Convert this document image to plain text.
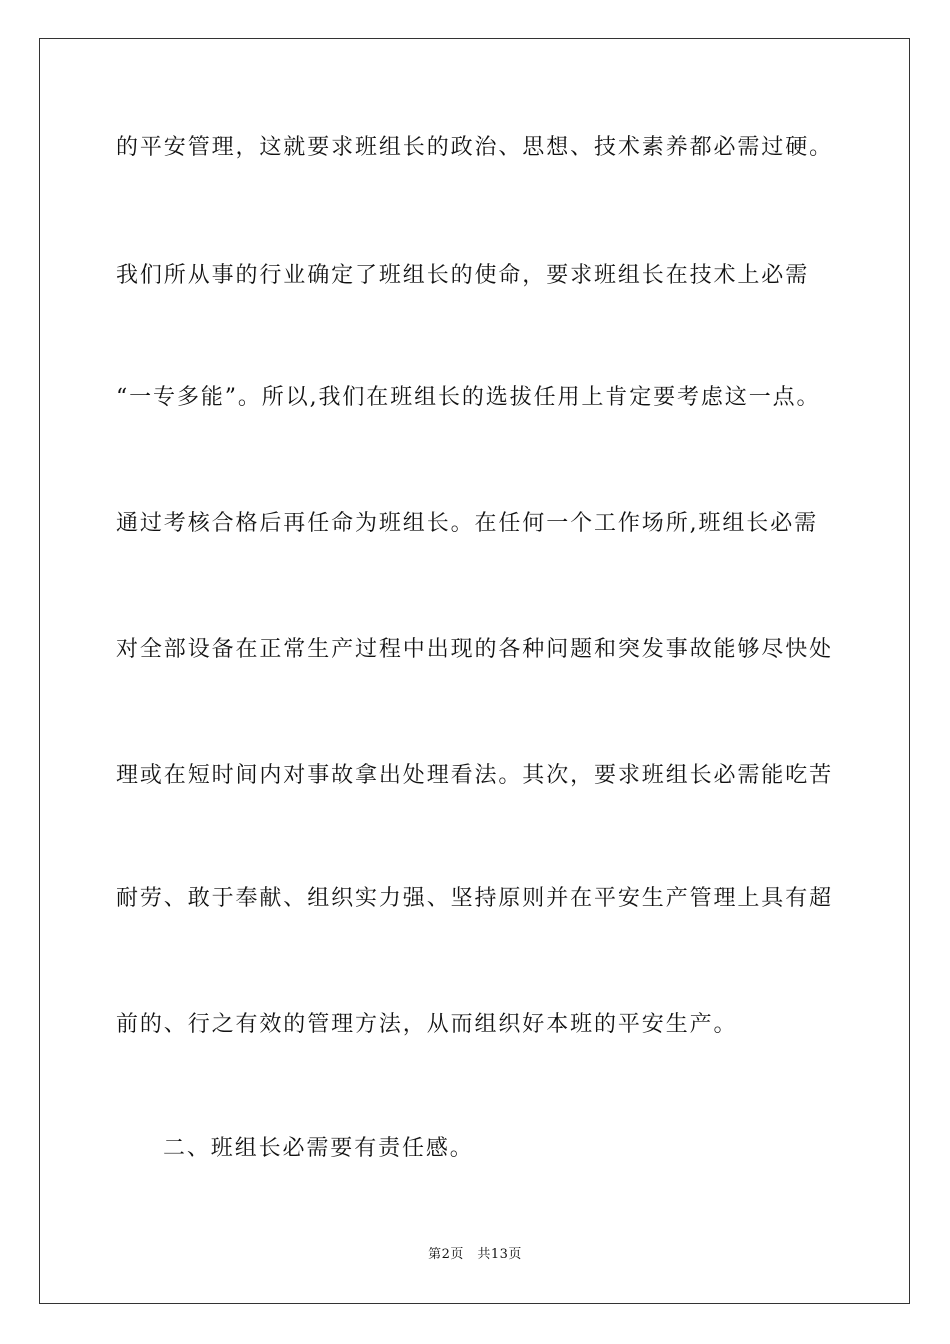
的平安管理，这就要求班组长的政治、思想、技术素养都必需过硬。
我们所从事的行业确定了班组长的使命，要求班组长在技术上必需
“一专多能”。所以,我们在班组长的选拔任用上肯定要考虑这一点。
通过考核合格后再任命为班组长。在任何一个工作场所,班组长必需
对全部设备在正常生产过程中出现的各种问题和突发事故能够尽快处
理或在短时间内对事故拿出处理看法。其次，要求班组长必需能吃苦
耐劳、敢于奉献、组织实力强、坚持原则并在平安生产管理上具有超
前的、行之有效的管理方法，从而组织好本班的平安生产。
二、班组长必需要有责任感。
第2页　共13页
